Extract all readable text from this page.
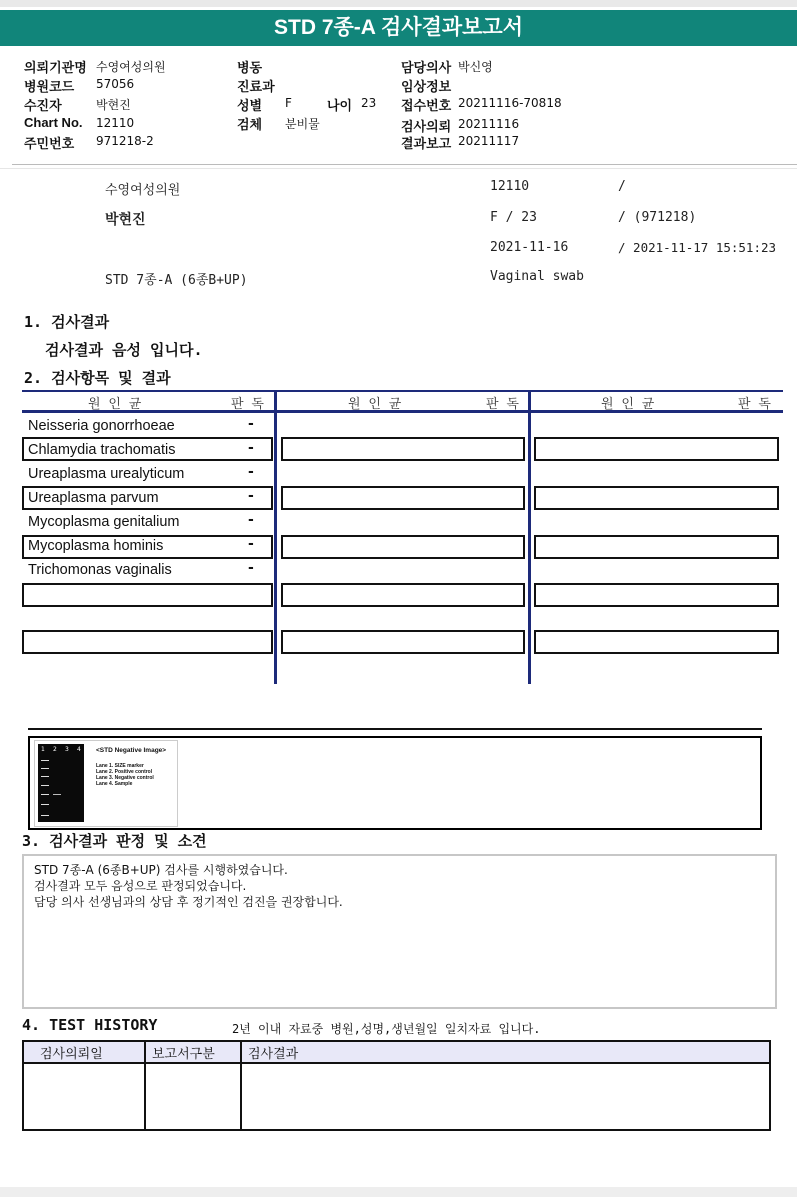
STD 7종-A 검사결과보고서
의뢰기관명 수영여성의원
병원코드 57056
수진자	박현진
Chart No. 12110
주민번호 971218-2
병동
진료과
성별 F	나이 23
검체 분비물
담당의사 박신영
임상정보
접수번호 20211116-70818
검사의뢰 20211116
결과보고 20211117
수영여성의원	12110	/
박현진	F / 23	/ (971218)
2021-11-16	/ 2021-11-17 15:51:23
STD 7종-A (6종B+UP)	Vaginal swab
1. 검사결과
검사결과 음성 입니다.
2. 검사항목 및 결과
원 인 균	판 독	원 인 균	판 독	원 인 균	판 독
Neisseria gonorrhoeae	-
Chlamydia trachomatis	-
Ureaplasma urealyticum	-
Ureaplasma parvum	-
Mycoplasma genitalium	-
Mycoplasma hominis	-
Trichomonas vaginalis	-
1 2 3 4 <STD Negative Image>
Lane 1. SIZE marker
Lane 2. Positive control
Lane 3. Negative control
Lane 4. Sample
3. 검사결과 판정 및 소견
STD 7종-A (6종B+UP) 검사를 시행하였습니다.
검사결과 모두 음성으로 판정되었습니다.
담당 의사 선생님과의 상담 후 정기적인 검진을 권장합니다.
4. TEST HISTORY	2년 이내 자료중 병원,성명,생년월일 일치자료 입니다.
검사의뢰일	보고서구분	검사결과
